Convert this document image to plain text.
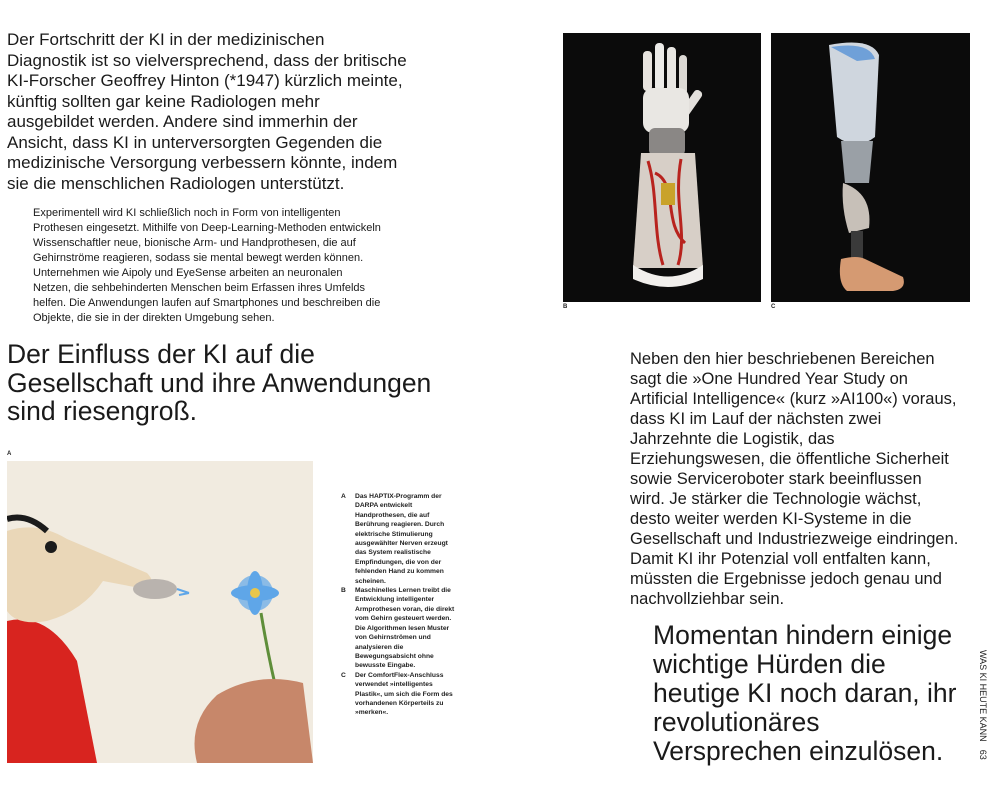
Der Fortschritt der KI in der medizinischen Diagnostik ist so vielversprechend, dass der britische KI-Forscher Geoffrey Hinton (*1947) kürzlich meinte, künftig sollten gar keine Radiologen mehr ausgebildet werden. Andere sind immerhin der Ansicht, dass KI in unterversorgten Gegenden die medizinische Versorgung verbessern könnte, indem sie die menschlichen Radiologen unterstützt.

Experimentell wird KI schließlich noch in Form von intelligenten Prothesen eingesetzt. Mithilfe von Deep-Learning-Methoden entwickeln Wissenschaftler neue, bionische Arm- und Handprothesen, die auf Gehirnströme reagieren, sodass sie mental bewegt werden können. Unternehmen wie Aipoly und EyeSense arbeiten an neuronalen Netzen, die sehbehinderten Menschen beim Erfassen ihres Umfelds helfen. Die Anwendungen laufen auf Smartphones und beschreiben die Objekte, die sie in der direkten Umgebung sehen.

Der Einfluss der KI auf die Gesellschaft und ihre Anwendungen sind riesengroß.
B	C

Neben den hier beschriebenen Bereichen sagt die »One Hundred Year Study on Artificial Intelligence« (kurz »AI100«) voraus, dass KI im Lauf der nächsten zwei Jahrzehnte die Logistik, das Erziehungswesen, die öffentliche Sicherheit sowie Serviceroboter stark beeinflussen wird. Je stärker die Technologie wächst, desto weiter werden KI-Systeme in die Gesellschaft und Industriezweige eindringen. Damit KI ihr Potenzial voll entfalten kann, müssten die Ergebnisse jedoch genau und nachvollziehbar sein.

A
A	Das HAPTIX-Programm der DARPA entwickelt Handprothesen, die auf Berührung reagieren. Durch elektrische Stimulierung ausgewählter Nerven erzeugt das System realistische Empfindungen, die von der fehlenden Hand zu kommen scheinen.
B	Maschinelles Lernen treibt die Entwicklung intelligenter Armprothesen voran, die direkt vom Gehirn gesteuert werden. Die Algorithmen lesen Muster von Gehirnströmen und analysieren die Bewegungsabsicht ohne bewusste Eingabe.
C	Der ComfortFlex-Anschluss verwendet »intelligentes Plastik«, um sich die Form des vorhandenen Körperteils zu »merken«.
Momentan hindern einige wichtige Hürden die heutige KI noch daran, ihr revolutionäres Versprechen einzulösen.
WAS KI HEUTE KANN63
